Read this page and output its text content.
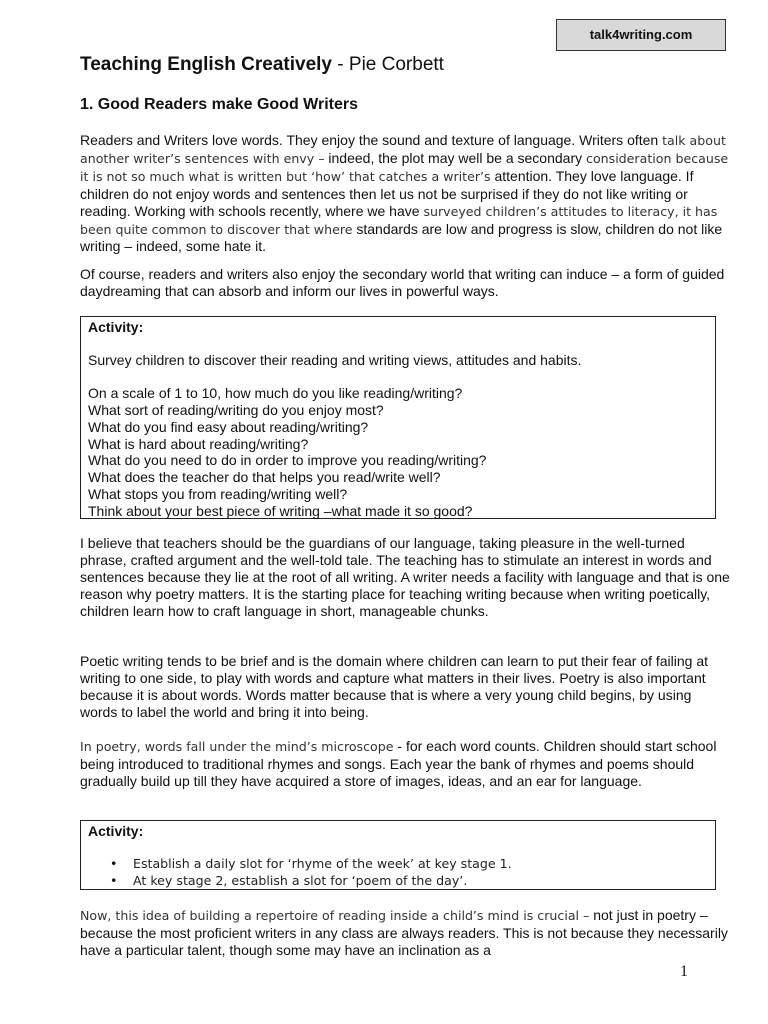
talk4writing.com
Teaching English Creatively - Pie Corbett
1. Good Readers make Good Writers

Readers and Writers love words. They enjoy the sound and texture of language. Writers often talk about another writer’s sentences with envy – indeed, the plot may well be a secondary consideration because it is not so much what is written but ‘how’ that catches a writer’s attention. They love language. If children do not enjoy words and sentences then let us not be surprised if they do not like writing or reading. Working with schools recently, where we have surveyed children’s attitudes to literacy, it has been quite common to discover that where standards are low and progress is slow, children do not like writing – indeed, some hate it.

Of course, readers and writers also enjoy the secondary world that writing can induce – a form of guided daydreaming that can absorb and inform our lives in powerful ways.

Activity:

Survey children to discover their reading and writing views, attitudes and habits.

On a scale of 1 to 10, how much do you like reading/writing?

What sort of reading/writing do you enjoy most?

What do you find easy about reading/writing?

What is hard about reading/writing?

What do you need to do in order to improve you reading/writing?

What does the teacher do that helps you read/write well?

What stops you from reading/writing well?

Think about your best piece of writing –what made it so good?

I believe that teachers should be the guardians of our language, taking pleasure in the well-turned phrase, crafted argument and the well-told tale. The teaching has to stimulate an interest in words and sentences because they lie at the root of all writing. A writer needs a facility with language and that is one reason why poetry matters. It is the starting place for teaching writing because when writing poetically, children learn how to craft language in short, manageable chunks.

Poetic writing tends to be brief and is the domain where children can learn to put their fear of failing at writing to one side, to play with words and capture what matters in their lives. Poetry is also important because it is about words. Words matter because that is where a very young child begins, by using words to label the world and bring it into being.

In poetry, words fall under the mind’s microscope - for each word counts. Children should start school being introduced to traditional rhymes and songs. Each year the bank of rhymes and poems should gradually build up till they have acquired a store of images, ideas, and an ear for language.

Activity:

• Establish a daily slot for ‘rhyme of the week’ at key stage 1.
• At key stage 2, establish a slot for ‘poem of the day’.

Now, this idea of building a repertoire of reading inside a child’s mind is crucial – not just in poetry – because the most proficient writers in any class are always readers. This is not because they necessarily have a particular talent, though some may have an inclination as a

1
